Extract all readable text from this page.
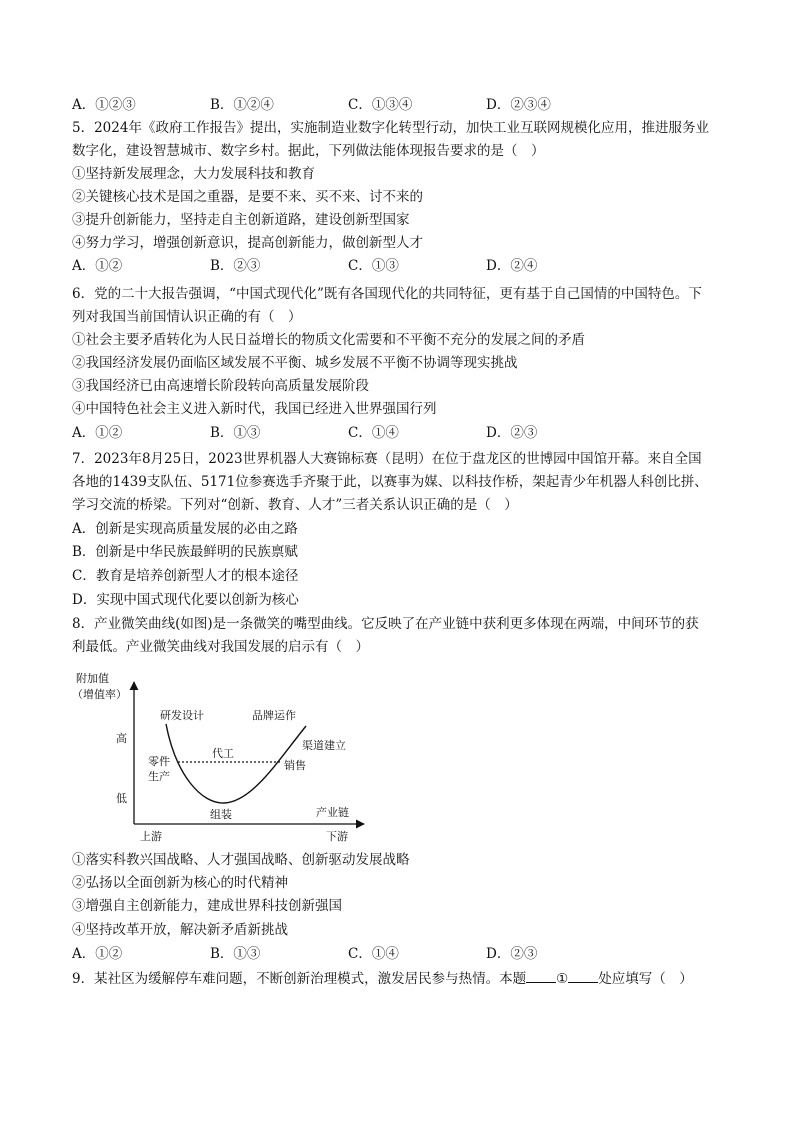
A．①②③	B．①②④	C．①③④	D．②③④
5．2024年《政府工作报告》提出，实施制造业数字化转型行动，加快工业互联网规模化应用，推进服务业
数字化，建设智慧城市、数字乡村。据此，下列做法能体现报告要求的是（　）
①坚持新发展理念，大力发展科技和教育
②关键核心技术是国之重器，是要不来、买不来、讨不来的
③提升创新能力，坚持走自主创新道路，建设创新型国家
④努力学习，增强创新意识，提高创新能力，做创新型人才
A．①②	B．②③	C．①③	D．②④
6．党的二十大报告强调，“中国式现代化”既有各国现代化的共同特征，更有基于自己国情的中国特色。下
列对我国当前国情认识正确的有（　）
①社会主要矛盾转化为人民日益增长的物质文化需要和不平衡不充分的发展之间的矛盾
②我国经济发展仍面临区域发展不平衡、城乡发展不平衡不协调等现实挑战
③我国经济已由高速增长阶段转向高质量发展阶段
④中国特色社会主义进入新时代，我国已经进入世界强国行列
A．①②	B．①③	C．①④	D．②③
7．2023年8月25日，2023世界机器人大赛锦标赛（昆明）在位于盘龙区的世博园中国馆开幕。来自全国
各地的1439支队伍、5171位参赛选手齐聚于此，以赛事为媒、以科技作桥，架起青少年机器人科创比拼、
学习交流的桥梁。下列对“创新、教育、人才”三者关系认识正确的是（　）
A．创新是实现高质量发展的必由之路
B．创新是中华民族最鲜明的民族禀赋
C．教育是培养创新型人才的根本途径
D．实现中国式现代化要以创新为核心
8．产业微笑曲线(如图)是一条微笑的嘴型曲线。它反映了在产业链中获利更多体现在两端，中间环节的获
利最低。产业微笑曲线对我国发展的启示有（　）
附加值
（增值率）
高
低
研发设计	品牌运作
零件
生产
代工
渠道建立
销售
组装	产业链
上游	下游
①落实科教兴国战略、人才强国战略、创新驱动发展战略
②弘扬以全面创新为核心的时代精神
③增强自主创新能力，建成世界科技创新强国
④坚持改革开放，解决新矛盾新挑战
A．①②	B．①③	C．①④	D．②③
9．某社区为缓解停车难问题，不断创新治理模式，激发居民参与热情。本题 ① 处应填写（　）
